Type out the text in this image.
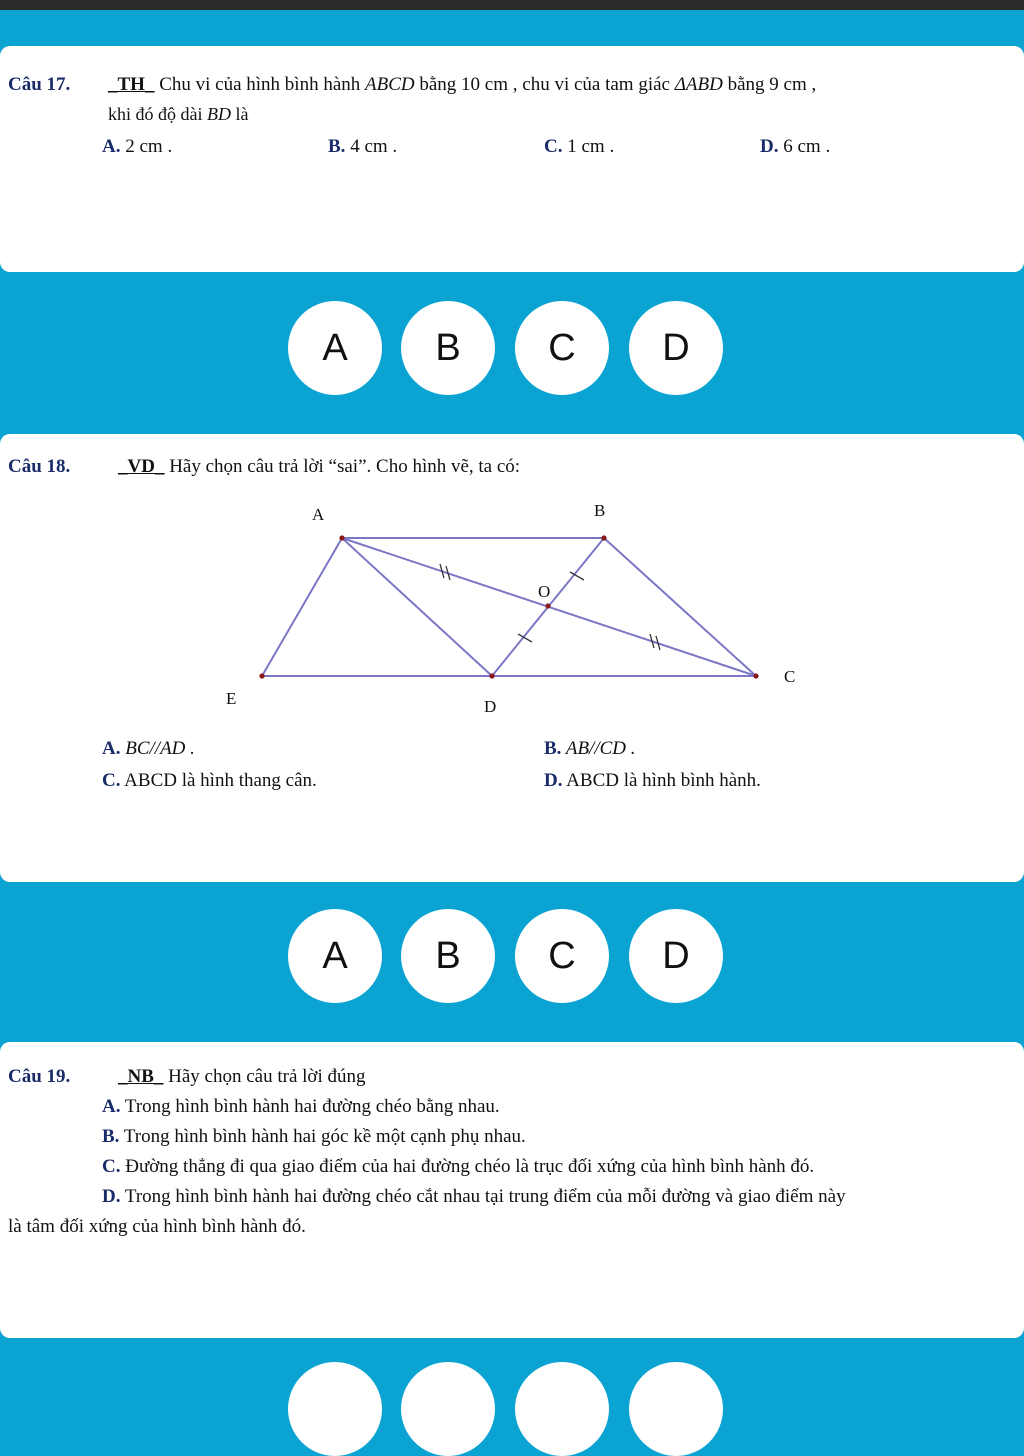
Câu 17. _TH_ Chu vi của hình bình hành ABCD bằng 10 cm , chu vi của tam giác ΔABD bằng 9 cm ,
khi đó độ dài BD là
A. 2 cm .	B. 4 cm .	C. 1 cm .	D. 6 cm .
A	B	C	D
Câu 18.	_VD_ Hãy chọn câu trả lời “sai”. Cho hình vẽ, ta có:
A	B
O
C
D
E
A. BC//AD .	B. AB//CD .
C. ABCD là hình thang cân.	D. ABCD là hình bình hành.
A	B	C	D
Câu 19.	_NB_ Hãy chọn câu trả lời đúng
A. Trong hình bình hành hai đường chéo bằng nhau.
B. Trong hình bình hành hai góc kề một cạnh phụ nhau.
C. Đường thẳng đi qua giao điểm của hai đường chéo là trục đối xứng của hình bình hành đó.
D. Trong hình bình hành hai đường chéo cắt nhau tại trung điểm của mỗi đường và giao điểm này
là tâm đối xứng của hình bình hành đó.
